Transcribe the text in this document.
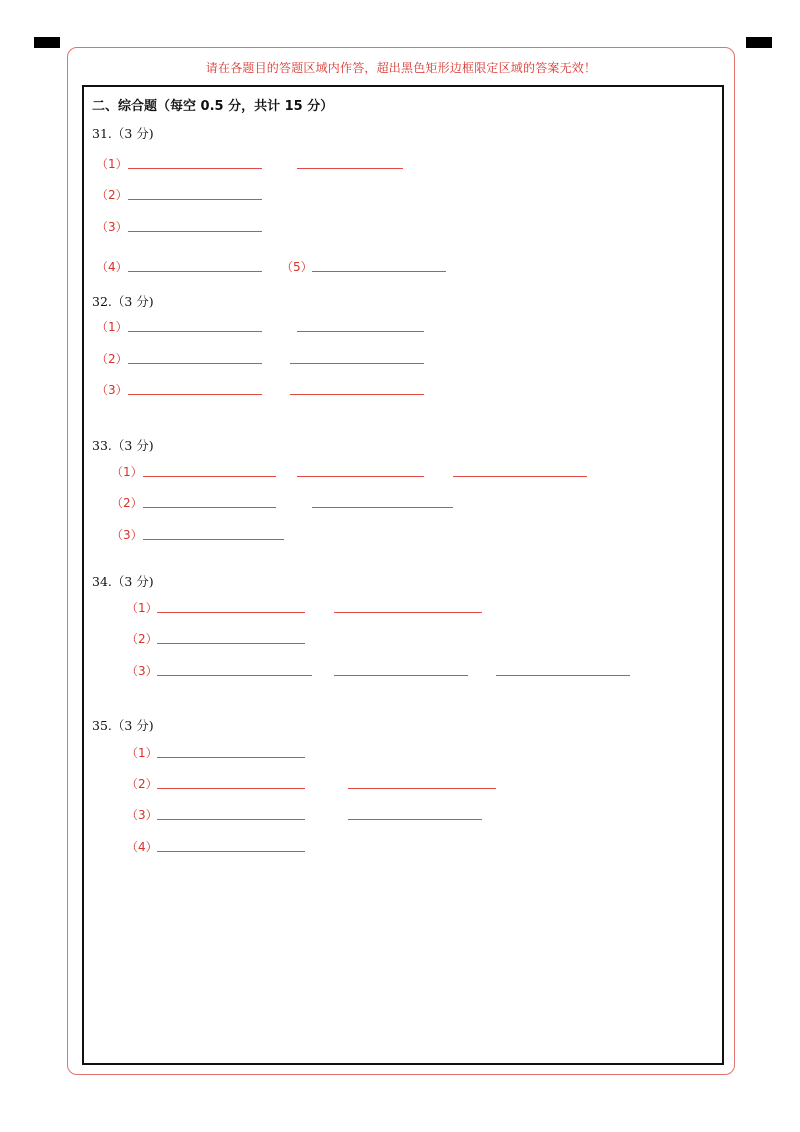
请在各题目的答题区域内作答，超出黑色矩形边框限定区域的答案无效！
二、综合题（每空 0.5 分，共计 15 分）
31.（3 分)
（1）
（2）
（3）
（4）	（5）
32.（3 分)
（1）
（2）
（3）
33.（3 分)
（1）
（2）
（3）
34.（3 分)
（1）
（2）
（3）
35.（3 分)
（1）
（2）
（3）
（4）
